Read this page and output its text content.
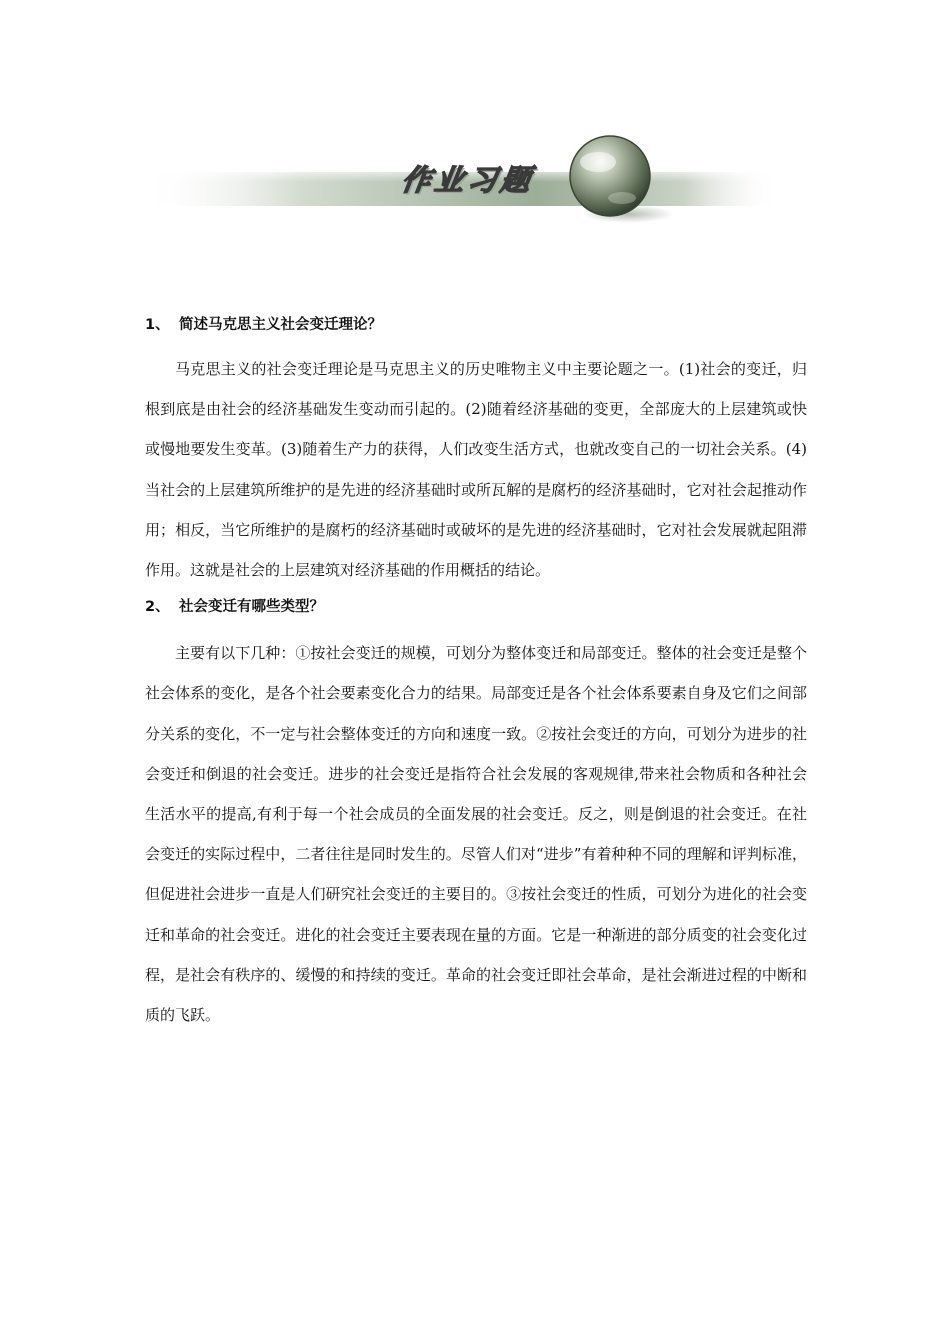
作业习题

1、 简述马克思主义社会变迁理论？

马克思主义的社会变迁理论是马克思主义的历史唯物主义中主要论题之一。(1)社会的变迁，归根到底是由社会的经济基础发生变动而引起的。(2)随着经济基础的变更，全部庞大的上层建筑或快或慢地要发生变革。(3)随着生产力的获得，人们改变生活方式，也就改变自己的一切社会关系。(4)当社会的上层建筑所维护的是先进的经济基础时或所瓦解的是腐朽的经济基础时，它对社会起推动作用；相反，当它所维护的是腐朽的经济基础时或破坏的是先进的经济基础时，它对社会发展就起阻滞作用。这就是社会的上层建筑对经济基础的作用概括的结论。

2、 社会变迁有哪些类型？

主要有以下几种：①按社会变迁的规模，可划分为整体变迁和局部变迁。整体的社会变迁是整个社会体系的变化，是各个社会要素变化合力的结果。局部变迁是各个社会体系要素自身及它们之间部分关系的变化，不一定与社会整体变迁的方向和速度一致。②按社会变迁的方向，可划分为进步的社会变迁和倒退的社会变迁。进步的社会变迁是指符合社会发展的客观规律,带来社会物质和各种社会生活水平的提高,有利于每一个社会成员的全面发展的社会变迁。反之，则是倒退的社会变迁。在社会变迁的实际过程中，二者往往是同时发生的。尽管人们对“进步”有着种种不同的理解和评判标准，但促进社会进步一直是人们研究社会变迁的主要目的。③按社会变迁的性质，可划分为进化的社会变迁和革命的社会变迁。进化的社会变迁主要表现在量的方面。它是一种渐进的部分质变的社会变化过程，是社会有秩序的、缓慢的和持续的变迁。革命的社会变迁即社会革命，是社会渐进过程的中断和质的飞跃。
